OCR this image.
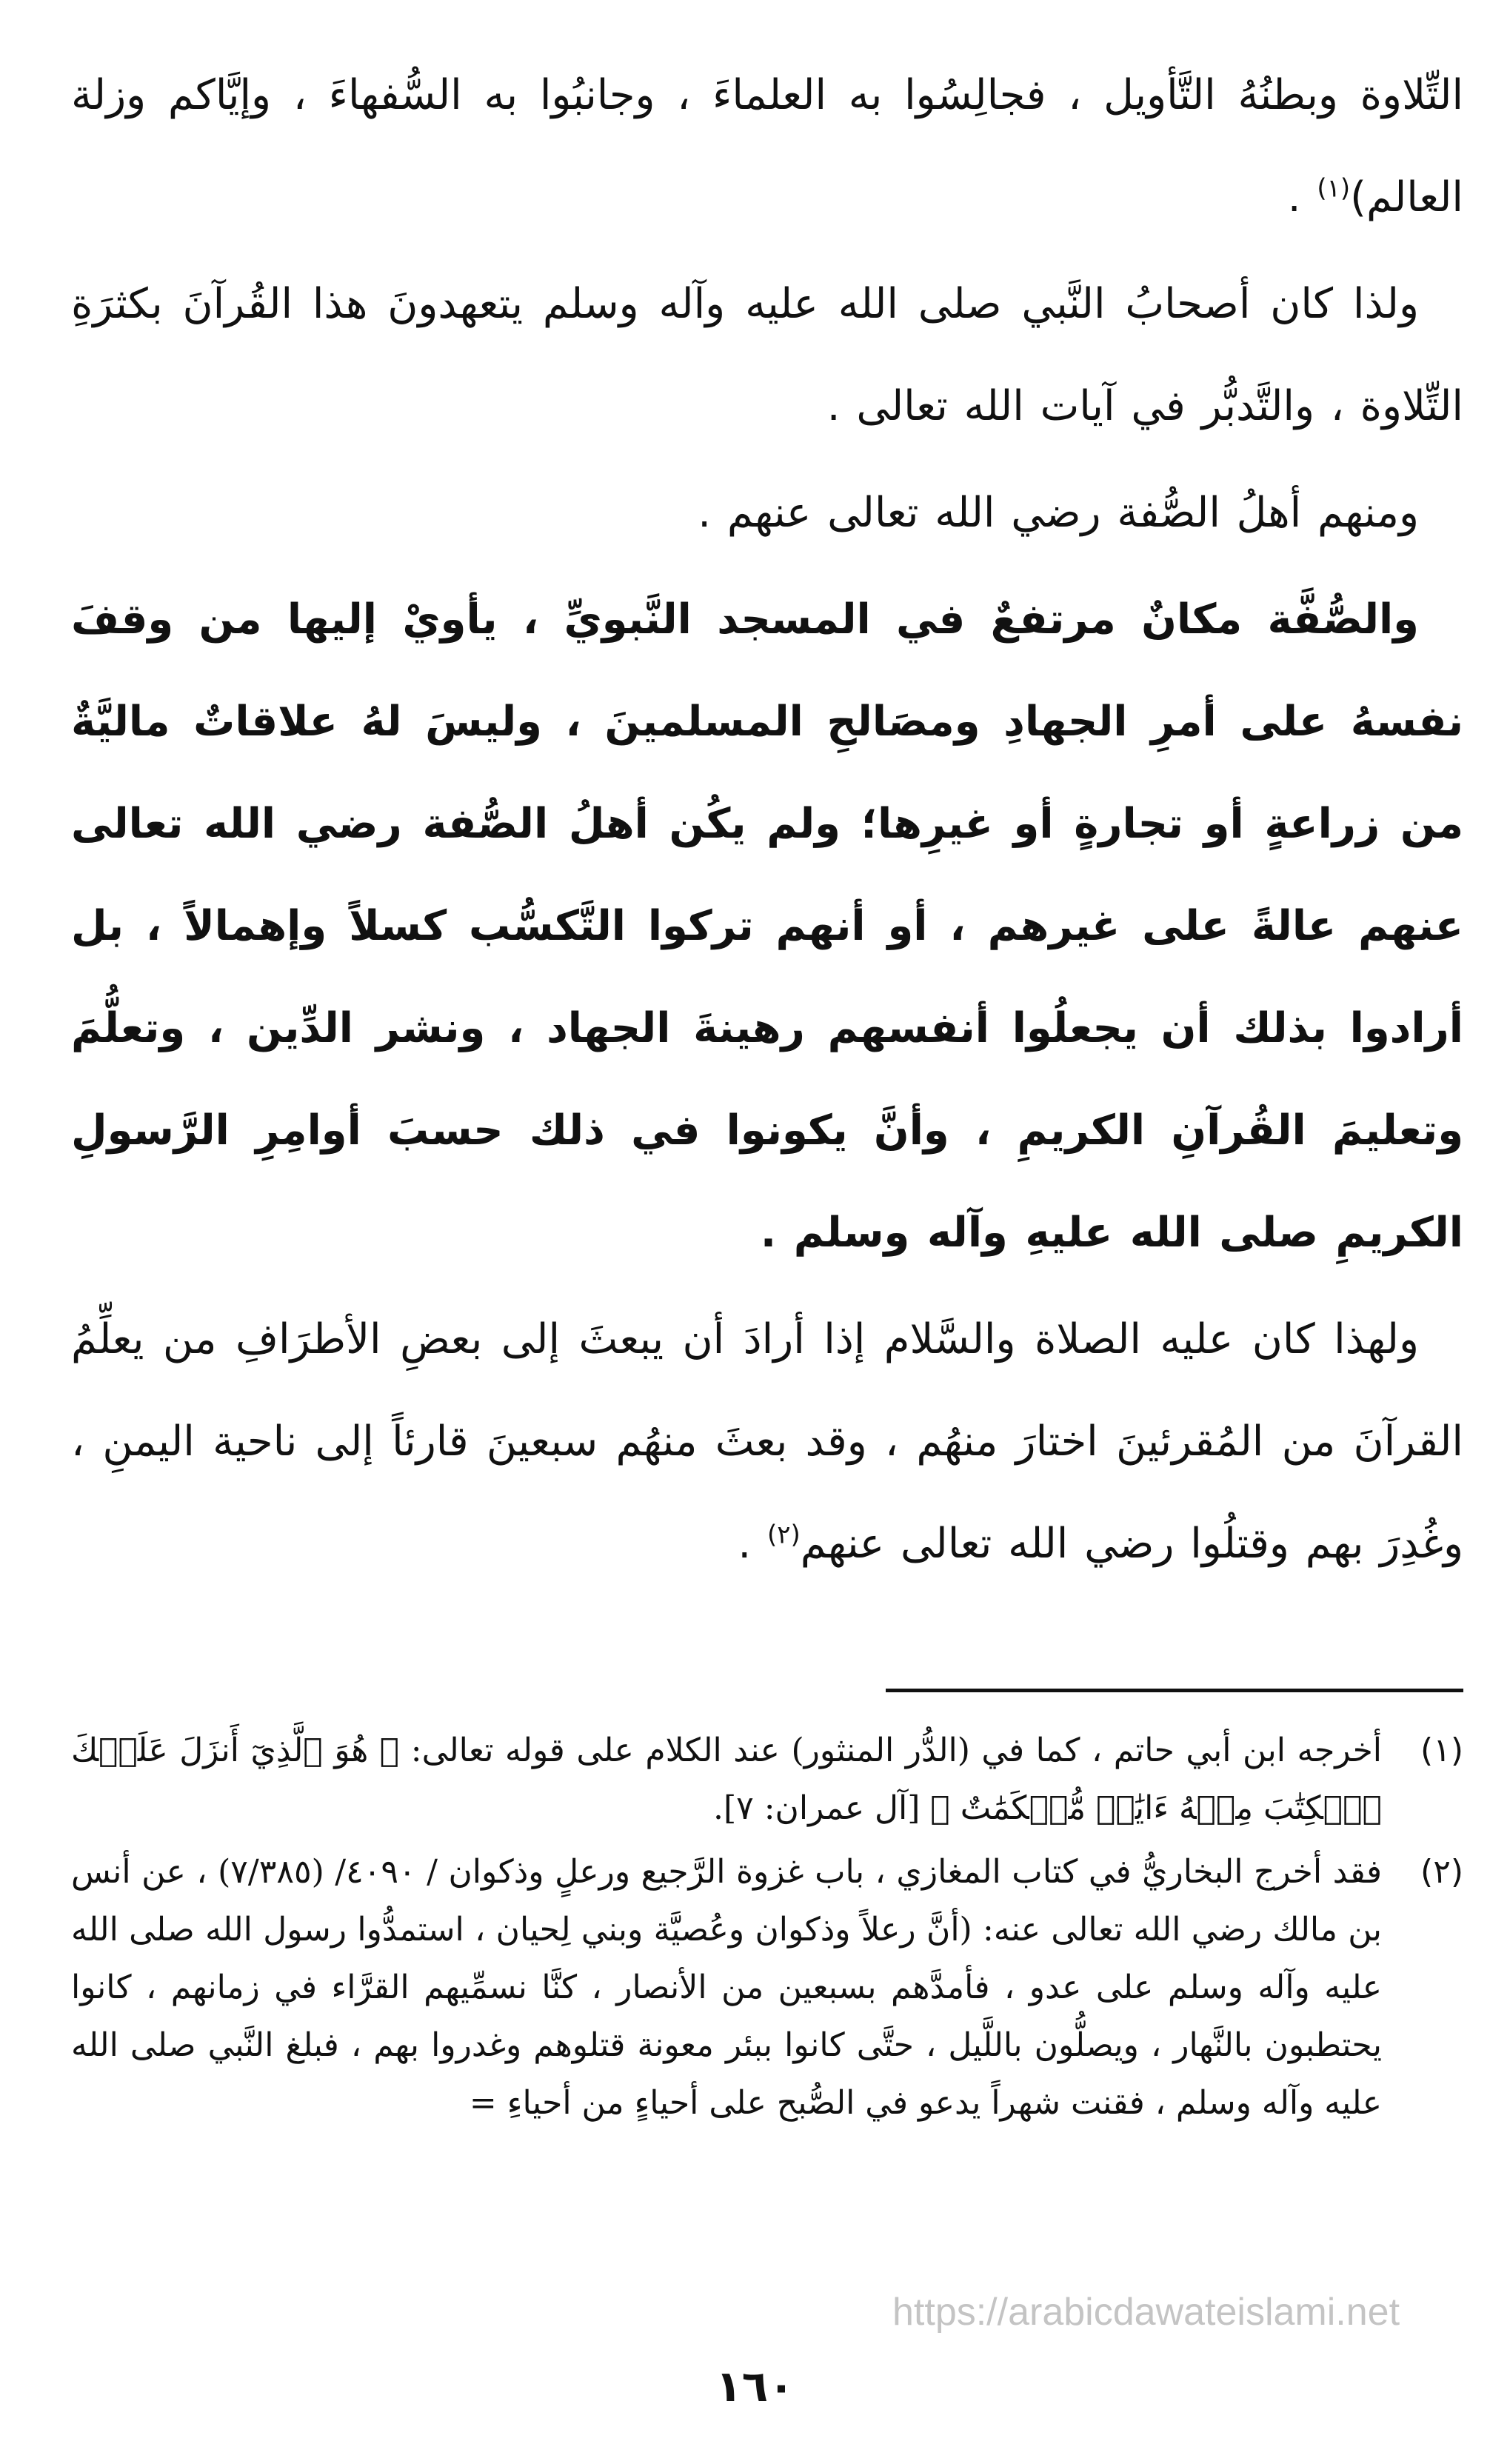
التِّلاوة وبطنُهُ التَّأويل ، فجالِسُوا به العلماءَ ، وجانبُوا به السُّفهاءَ ، وإيَّاكم وزلة العالم)$^{(١)}$ .

ولذا كان أصحابُ النَّبي صلى الله عليه وآله وسلم يتعهدونَ هذا القُرآنَ بكثرَةِ التِّلاوة ، والتَّدبُّر في آيات الله تعالى .

ومنهم أهلُ الصُّفة رضي الله تعالى عنهم .

والصُّفَّة مكانٌ مرتفعٌ في المسجد النَّبويِّ ، يأويْ إليها من وقفَ نفسهُ على أمرِ الجهادِ ومصَالحِ المسلمينَ ، وليسَ لهُ علاقاتٌ ماليَّةٌ من زراعةٍ أو تجارةٍ أو غيرِها؛ ولم يكُن أهلُ الصُّفة رضي الله تعالى عنهم عالةً على غيرهم ، أو أنهم تركوا التَّكسُّب كسلاً وإهمالاً ، بل أرادوا بذلك أن يجعلُوا أنفسهم رهينةَ الجهاد ، ونشر الدِّين ، وتعلُّمَ وتعليمَ القُرآنِ الكريمِ ، وأنَّ يكونوا في ذلك حسبَ أوامِرِ الرَّسولِ الكريمِ صلى الله عليهِ وآله وسلم .

ولهذا كان عليه الصلاة والسَّلام إذا أرادَ أن يبعثَ إلى بعضِ الأطرَافِ من يعلِّمُ القرآنَ من المُقرئينَ اختارَ منهُم ، وقد بعثَ منهُم سبعينَ قارئاً إلى ناحية اليمنِ ، وغُدِرَ بهم وقتلُوا رضي الله تعالى عنهم$^{(٢)}$ .

(١)
أخرجه ابن أبي حاتم ، كما في (الدُّر المنثور) عند الكلام على قوله تعالى: ﴿ هُوَ ٱلَّذِيٓ أَنزَلَ عَلَيۡكَ ٱلۡكِتَٰبَ مِنۡهُ ءَايَٰتٞ مُّحۡكَمَٰتٌ ﴾ [آل عمران: ٧].
(٢)
فقد أخرج البخاريُّ في كتاب المغازي ، باب غزوة الرَّجيع ورعلٍ وذكوان / ٤٠٩٠/ (٧/٣٨٥) ، عن أنس بن مالك رضي الله تعالى عنه: (أنَّ رعلاً وذكوان وعُصيَّة وبني لِحيان ، استمدُّوا رسول الله صلى الله عليه وآله وسلم على عدو ، فأمدَّهم بسبعين من الأنصار ، كنَّا نسمِّيهم القرَّاء في زمانهم ، كانوا يحتطبون بالنَّهار ، ويصلُّون باللَّيل ، حتَّى كانوا ببئر معونة قتلوهم وغدروا بهم ، فبلغ النَّبي صلى الله عليه وآله وسلم ، فقنت شهراً يدعو في الصُّبح على أحياءٍ من أحياءِ =
https://arabicdawateislami.net
١٦٠
